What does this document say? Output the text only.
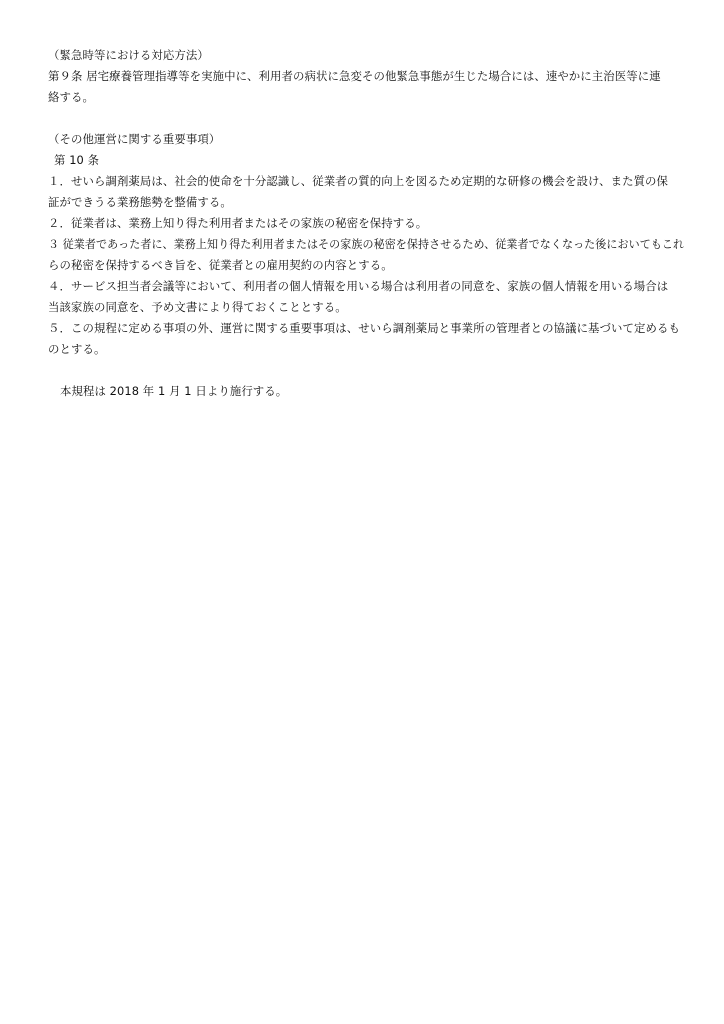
（緊急時等における対応方法）
第９条 居宅療養管理指導等を実施中に、利用者の病状に急変その他緊急事態が生じた場合には、速やかに主治医等に連
絡する。
（その他運営に関する重要事項）
第 10 条
１．せいら調剤薬局は、社会的使命を十分認識し、従業者の質的向上を図るため定期的な研修の機会を設け、また質の保
証ができうる業務態勢を整備する。
２．従業者は、業務上知り得た利用者またはその家族の秘密を保持する。
３ 従業者であった者に、業務上知り得た利用者またはその家族の秘密を保持させるため、従業者でなくなった後においてもこれ
らの秘密を保持するべき旨を、従業者との雇用契約の内容とする。
４．サービス担当者会議等において、利用者の個人情報を用いる場合は利用者の同意を、家族の個人情報を用いる場合は
当該家族の同意を、予め文書により得ておくこととする。
５．この規程に定める事項の外、運営に関する重要事項は、せいら調剤薬局と事業所の管理者との協議に基づいて定めるも
のとする。
本規程は 2018 年 1 月 1 日より施行する。
